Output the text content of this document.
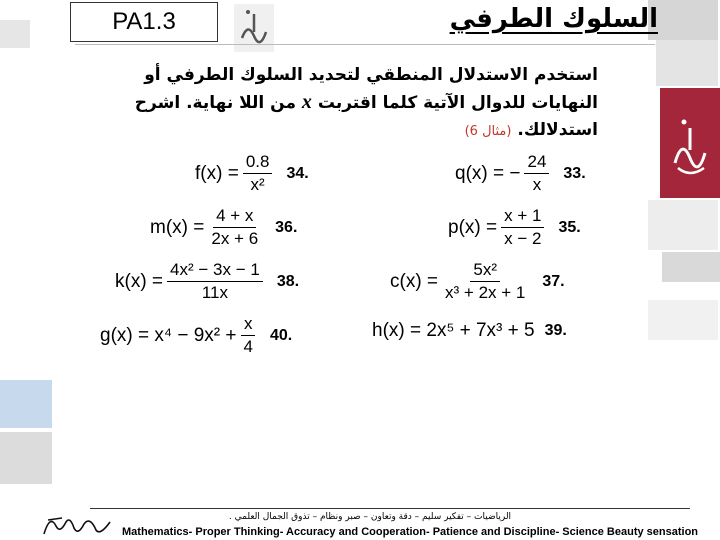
السلوك الطرفي
PA1.3
استخدم الاستدلال المنطقي لتحديد السلوك الطرفي أو
النهايات للدوال الآتية كلما اقتربت x من اللا نهاية. اشرح
استدلالك. (مثال 6)
q(x) = − $\frac{24}{x} 33$.
$f(x) = \frac{0.8}{\text{x²}} 34$.
$p(x) = \frac{x + 1}{x - 2} 35$.
$m(x) = \frac{4 + x}{2x + 6} 36$.
$c(x) = \frac{\text{5x²}}{\text{x³ + 2x + 1}} 37$.
$k(x) = \frac{\text{4x² − 3x − 1}}{11x} 38$.
h(x) = 2x⁵ + 7x³ + 5 39.
$g(x) = x^4 - 9x^2 + \frac{x}{4} 40$.
الرياضيات – تفكير سليم – دقة وتعاون – صبر ونظام – تذوق الجمال العلمي .
Mathematics- Proper Thinking- Accuracy and Cooperation- Patience and Discipline- Science Beauty sensation
